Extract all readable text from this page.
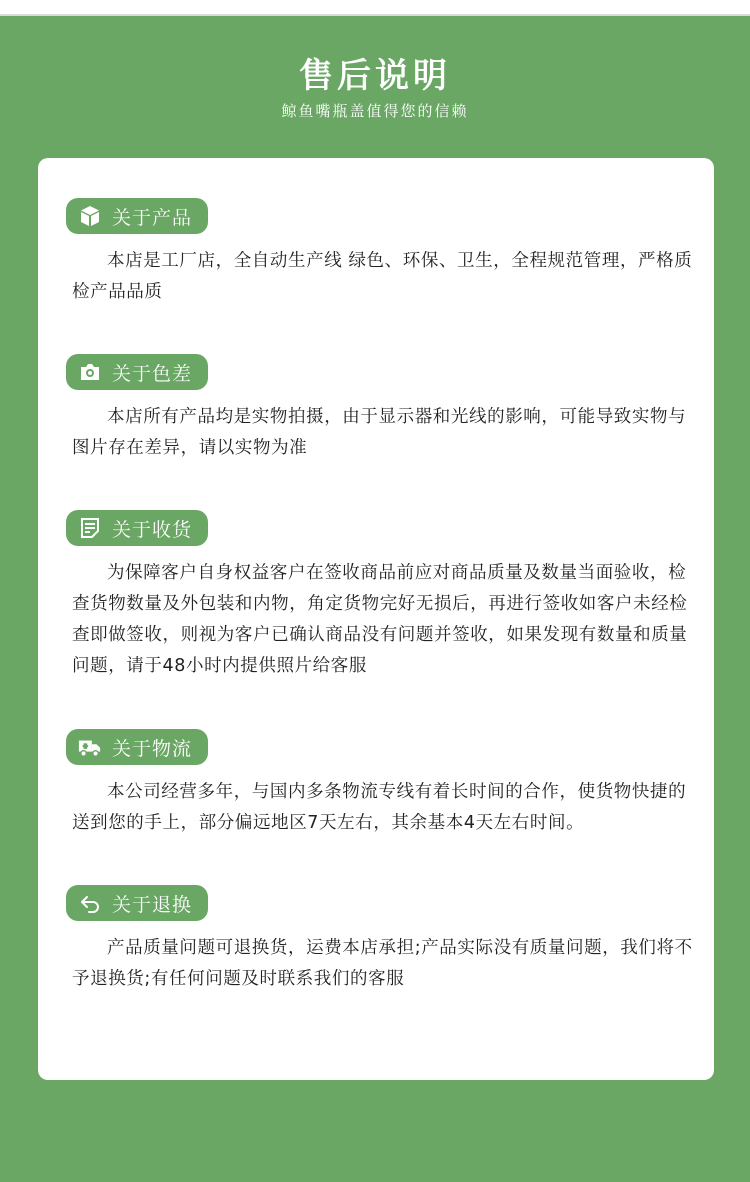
售后说明
鲸鱼嘴瓶盖值得您的信赖
关于产品
本店是工厂店，全自动生产线 绿色、环保、卫生，全程规范管理，严格质检产品品质
关于色差
本店所有产品均是实物拍摄，由于显示器和光线的影响，可能导致实物与图片存在差异，请以实物为准
关于收货
为保障客户自身权益客户在签收商品前应对商品质量及数量当面验收，检查货物数量及外包装和内物，角定货物完好无损后，再进行签收如客户未经检查即做签收，则视为客户已确认商品没有问题并签收，如果发现有数量和质量问题，请于48小时内提供照片给客服
关于物流
本公司经营多年，与国内多条物流专线有着长时间的合作，使货物快捷的送到您的手上，部分偏远地区7天左右，其余基本4天左右时间。
关于退换
产品质量问题可退换货，运费本店承担;产品实际没有质量问题，我们将不予退换货;有任何问题及时联系我们的客服
